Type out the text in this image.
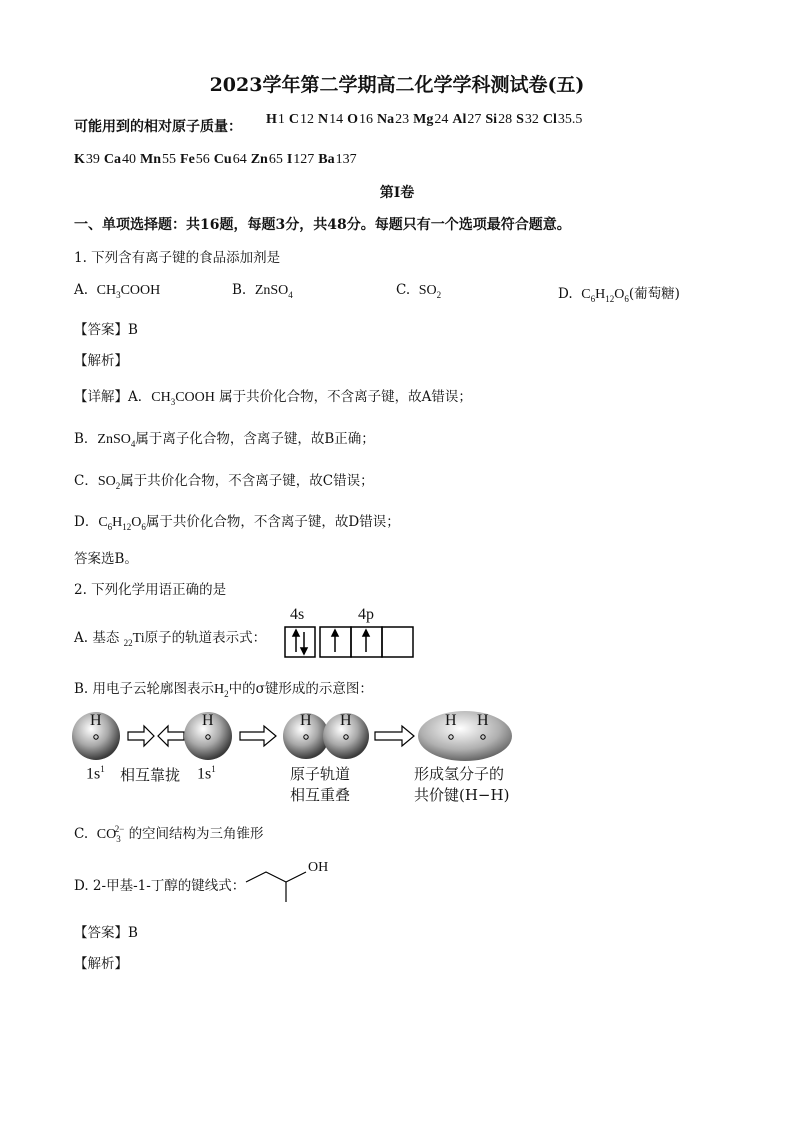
2023学年第二学期高二化学学科测试卷(五)
可能用到的相对原子质量： H1 C12 N14 O16 Na23 Mg24 Al27 Si28 S32 Cl35.5
K39 Ca40 Mn55 Fe56 Cu64 Zn65 I127 Ba137
第Ⅰ卷
一、单项选择题：共16题，每题3分，共48分。每题只有一个选项最符合题意。
1. 下列含有离子键的食品添加剂是
A. $CH_3COOH$	B. ZnSO$_4$	C. $SO_2$	D. $C_6H_{12}O_6$(葡萄糖)
【答案】B
【解析】
【详解】A．$CH_3COOH$ 属于共价化合物，不含离子键，故A错误；
B．ZnSO$_4$属于离子化合物，含离子键，故B正确；
C．$SO_2$属于共价化合物，不含离子键，故C错误；
D．$C_6H_{12}O_6$属于共价化合物，不含离子键，故D错误；
答案选B。
2. 下列化学用语正确的是
A. 基态 $_{22}$Ti原子的轨道表示式：
4s	4p
B. 用电子云轮廓图表示$H_2$中的σ键形成的示意图：
H	H	H H	H H
$1s^1$ 相互靠拢 $1s^1$	原子轨道
相互重叠
形成氢分子的
共价键(H−H)
C. $CO_3^{2-}$ 的空间结构为三角锥形
D. 2-甲基-1-丁醇的键线式：
OH
【答案】B
【解析】
